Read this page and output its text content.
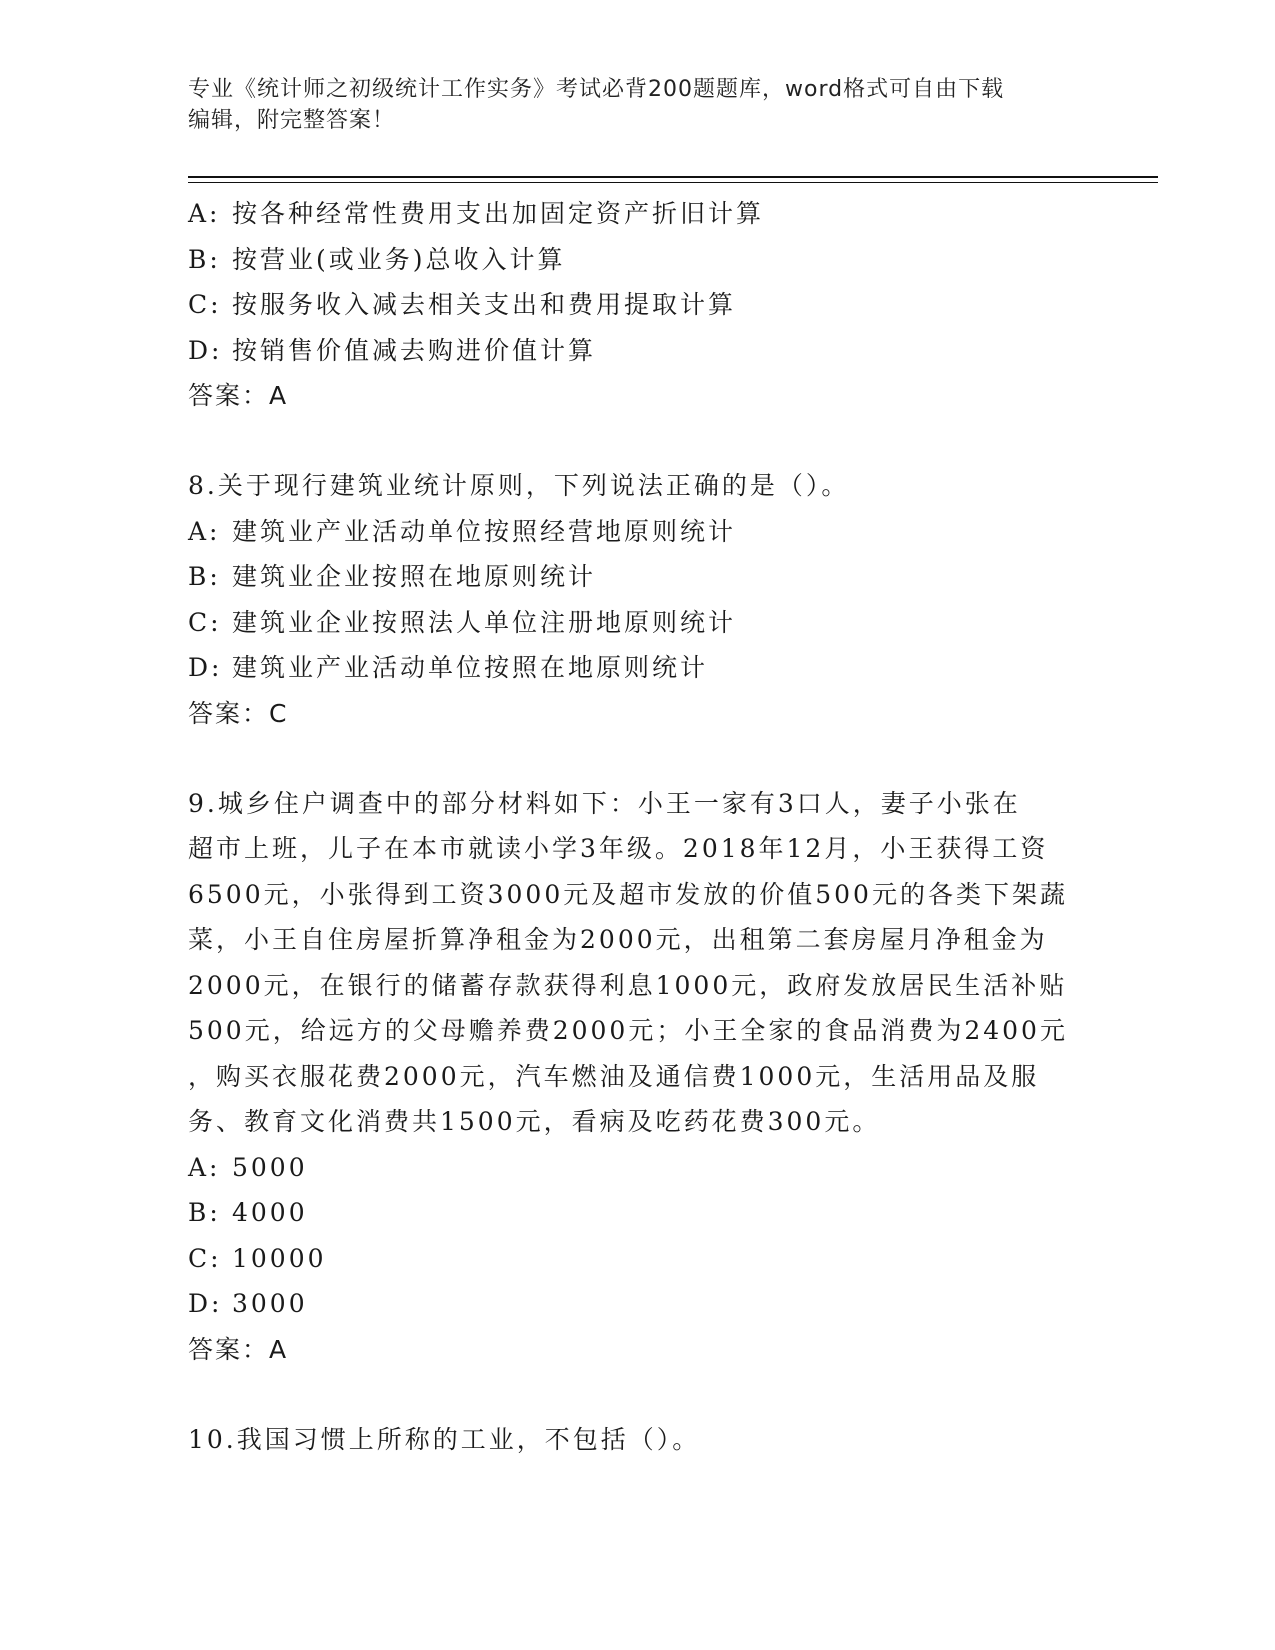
专业《统计师之初级统计工作实务》考试必背200题题库，word格式可自由下载
编辑，附完整答案！
A: 按各种经常性费用支出加固定资产折旧计算
B: 按营业(或业务)总收入计算
C: 按服务收入减去相关支出和费用提取计算
D: 按销售价值减去购进价值计算
答案：A
8.关于现行建筑业统计原则，下列说法正确的是（）。
A: 建筑业产业活动单位按照经营地原则统计
B: 建筑业企业按照在地原则统计
C: 建筑业企业按照法人单位注册地原则统计
D: 建筑业产业活动单位按照在地原则统计
答案：C
9.城乡住户调查中的部分材料如下：小王一家有3口人，妻子小张在
超市上班，儿子在本市就读小学3年级。2018年12月，小王获得工资
6500元，小张得到工资3000元及超市发放的价值500元的各类下架蔬
菜，小王自住房屋折算净租金为2000元，出租第二套房屋月净租金为
2000元，在银行的储蓄存款获得利息1000元，政府发放居民生活补贴
500元，给远方的父母赡养费2000元；小王全家的食品消费为2400元
，购买衣服花费2000元，汽车燃油及通信费1000元，生活用品及服
务、教育文化消费共1500元，看病及吃药花费300元。
A: 5000
B: 4000
C: 10000
D: 3000
答案：A
10.我国习惯上所称的工业，不包括（）。
